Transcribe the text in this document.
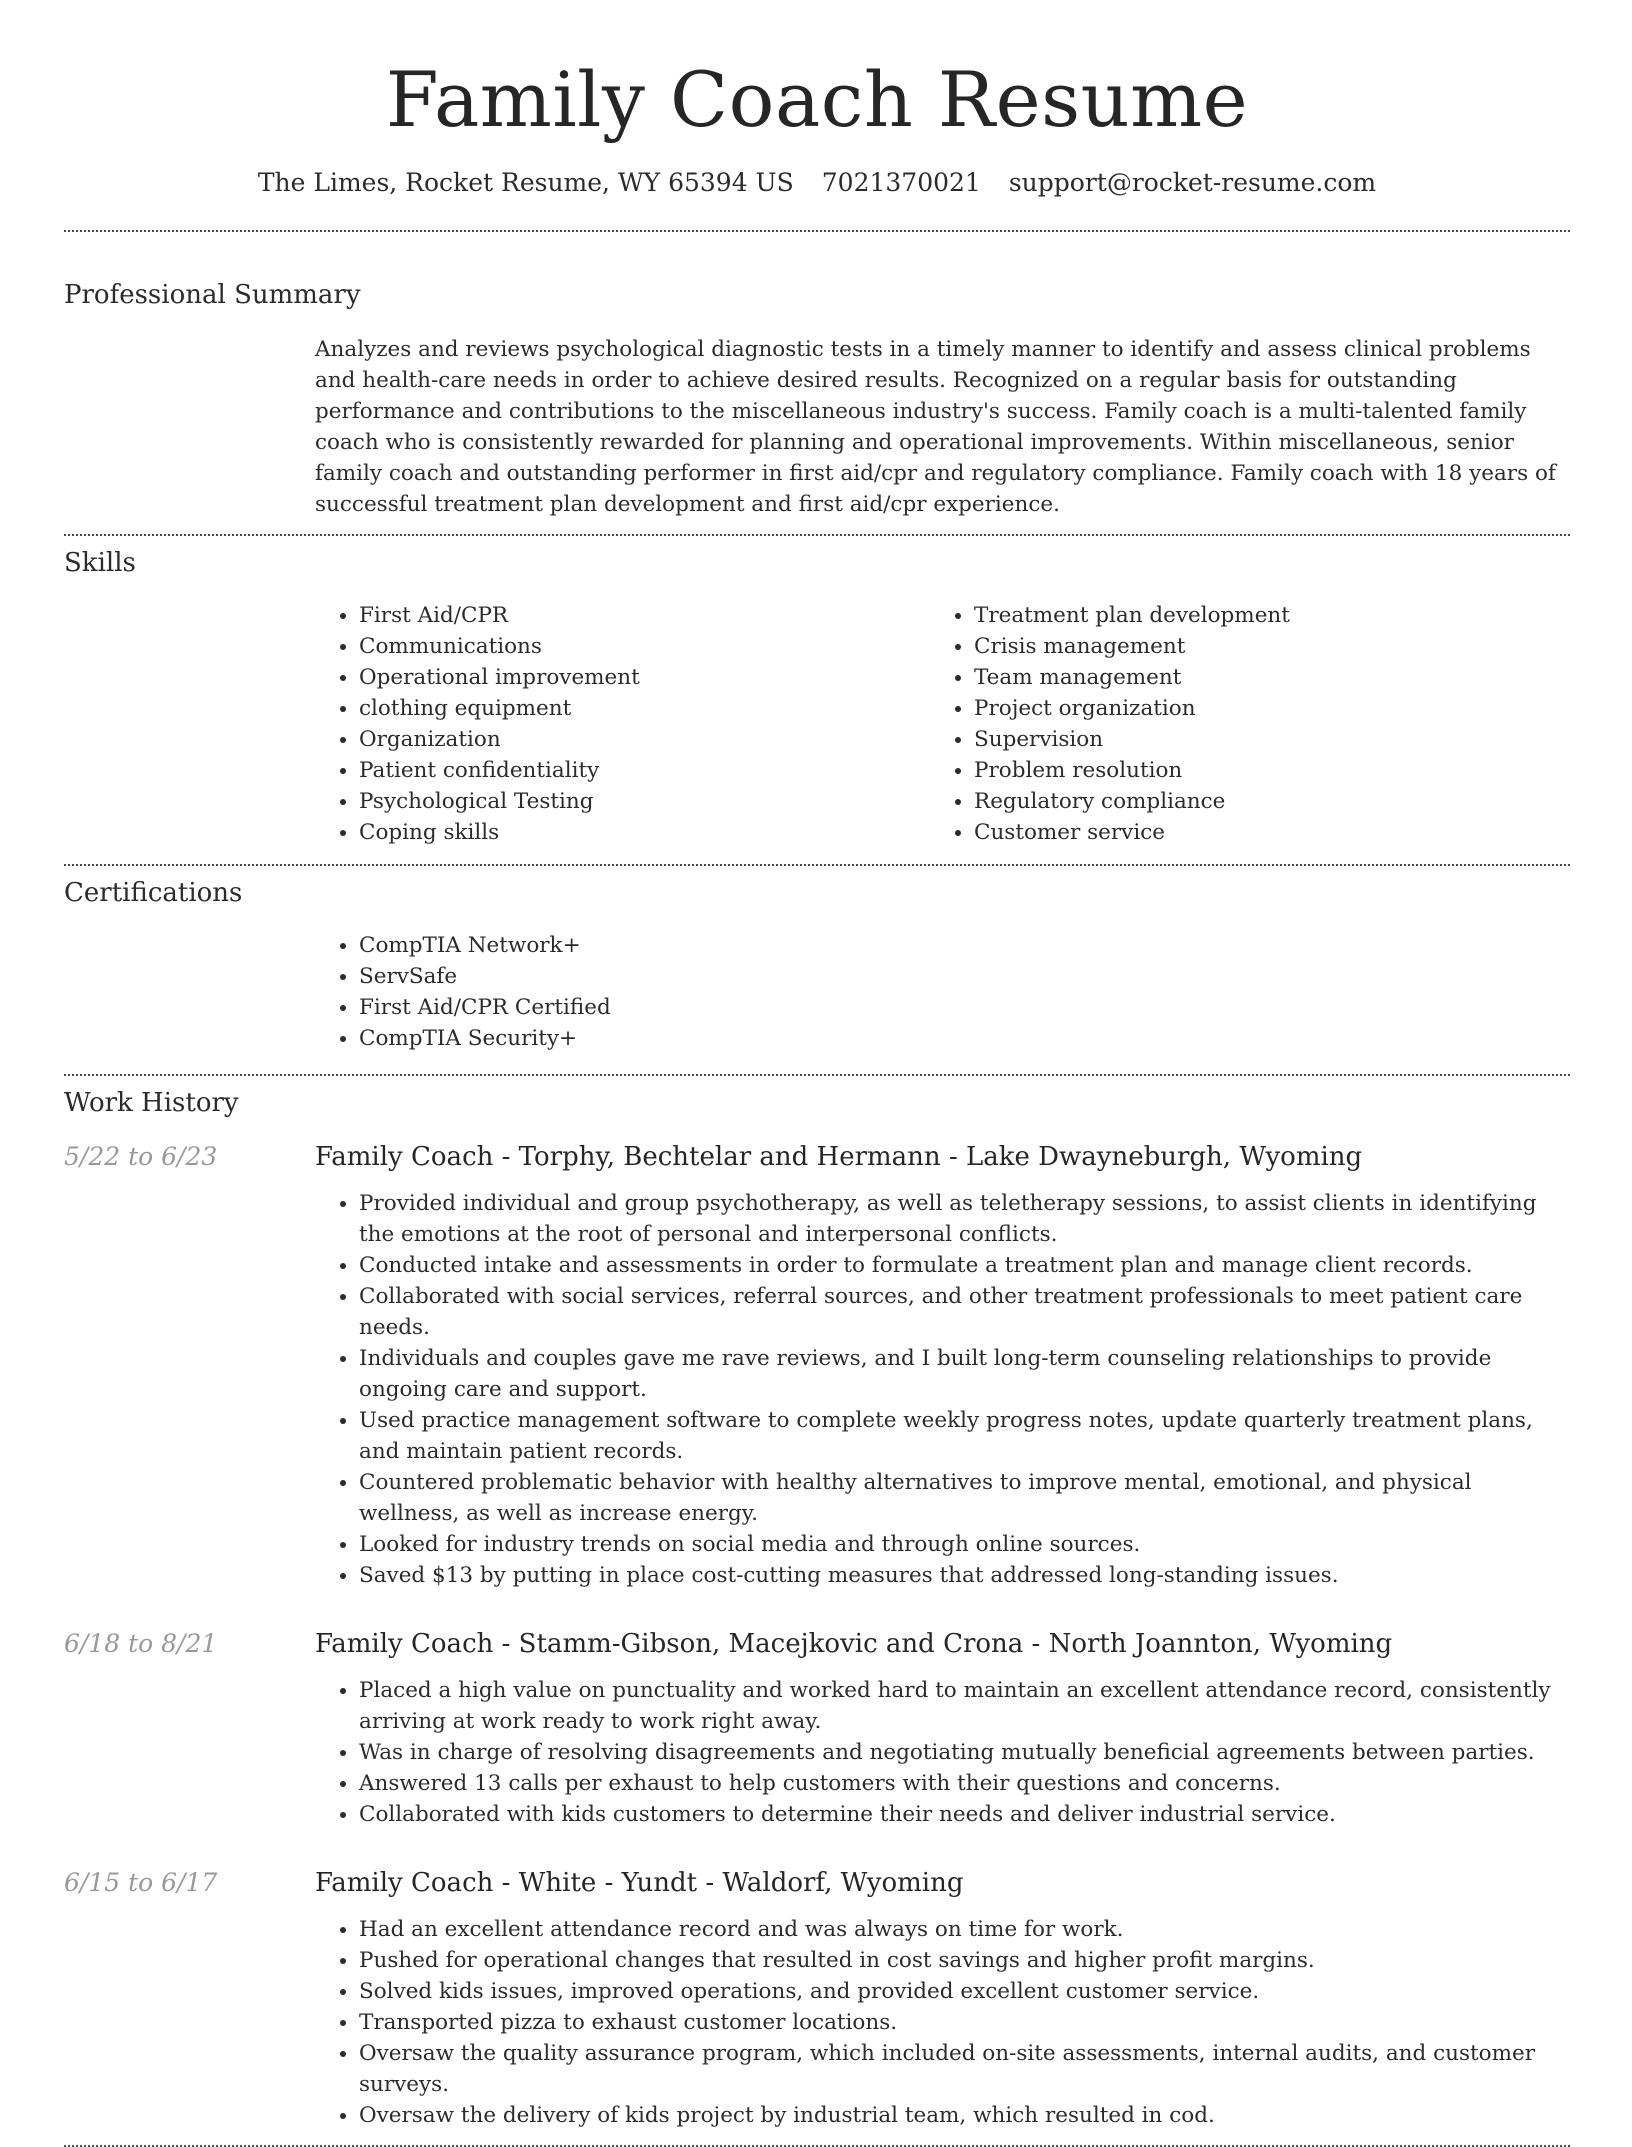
Family Coach Resume
The Limes, Rocket Resume, WY 65394 US 7021370021 support@rocket-resume.com
Professional Summary
Analyzes and reviews psychological diagnostic tests in a timely manner to identify and assess clinical problems and health-care needs in order to achieve desired results. Recognized on a regular basis for outstanding performance and contributions to the miscellaneous industry's success. Family coach is a multi-talented family coach who is consistently rewarded for planning and operational improvements. Within miscellaneous, senior family coach and outstanding performer in first aid/cpr and regulatory compliance. Family coach with 18 years of successful treatment plan development and first aid/cpr experience.
Skills
• First Aid/CPR
• Communications
• Operational improvement
• clothing equipment
• Organization
• Patient confidentiality
• Psychological Testing
• Coping skills
• Treatment plan development
• Crisis management
• Team management
• Project organization
• Supervision
• Problem resolution
• Regulatory compliance
• Customer service
Certifications
• CompTIA Network+
• ServSafe
• First Aid/CPR Certified
• CompTIA Security+
Work History
5/22 to 6/23	Family Coach - Torphy, Bechtelar and Hermann - Lake Dwayneburgh, Wyoming
• Provided individual and group psychotherapy, as well as teletherapy sessions, to assist clients in identifying the emotions at the root of personal and interpersonal conflicts.
• Conducted intake and assessments in order to formulate a treatment plan and manage client records.
• Collaborated with social services, referral sources, and other treatment professionals to meet patient care needs.
• Individuals and couples gave me rave reviews, and I built long-term counseling relationships to provide ongoing care and support.
• Used practice management software to complete weekly progress notes, update quarterly treatment plans, and maintain patient records.
• Countered problematic behavior with healthy alternatives to improve mental, emotional, and physical wellness, as well as increase energy.
• Looked for industry trends on social media and through online sources.
• Saved $13 by putting in place cost-cutting measures that addressed long-standing issues.
6/18 to 8/21	Family Coach - Stamm-Gibson, Macejkovic and Crona - North Joannton, Wyoming
• Placed a high value on punctuality and worked hard to maintain an excellent attendance record, consistently arriving at work ready to work right away.
• Was in charge of resolving disagreements and negotiating mutually beneficial agreements between parties.
• Answered 13 calls per exhaust to help customers with their questions and concerns.
• Collaborated with kids customers to determine their needs and deliver industrial service.
6/15 to 6/17	Family Coach - White - Yundt - Waldorf, Wyoming
• Had an excellent attendance record and was always on time for work.
• Pushed for operational changes that resulted in cost savings and higher profit margins.
• Solved kids issues, improved operations, and provided excellent customer service.
• Transported pizza to exhaust customer locations.
• Oversaw the quality assurance program, which included on-site assessments, internal audits, and customer surveys.
• Oversaw the delivery of kids project by industrial team, which resulted in cod.
